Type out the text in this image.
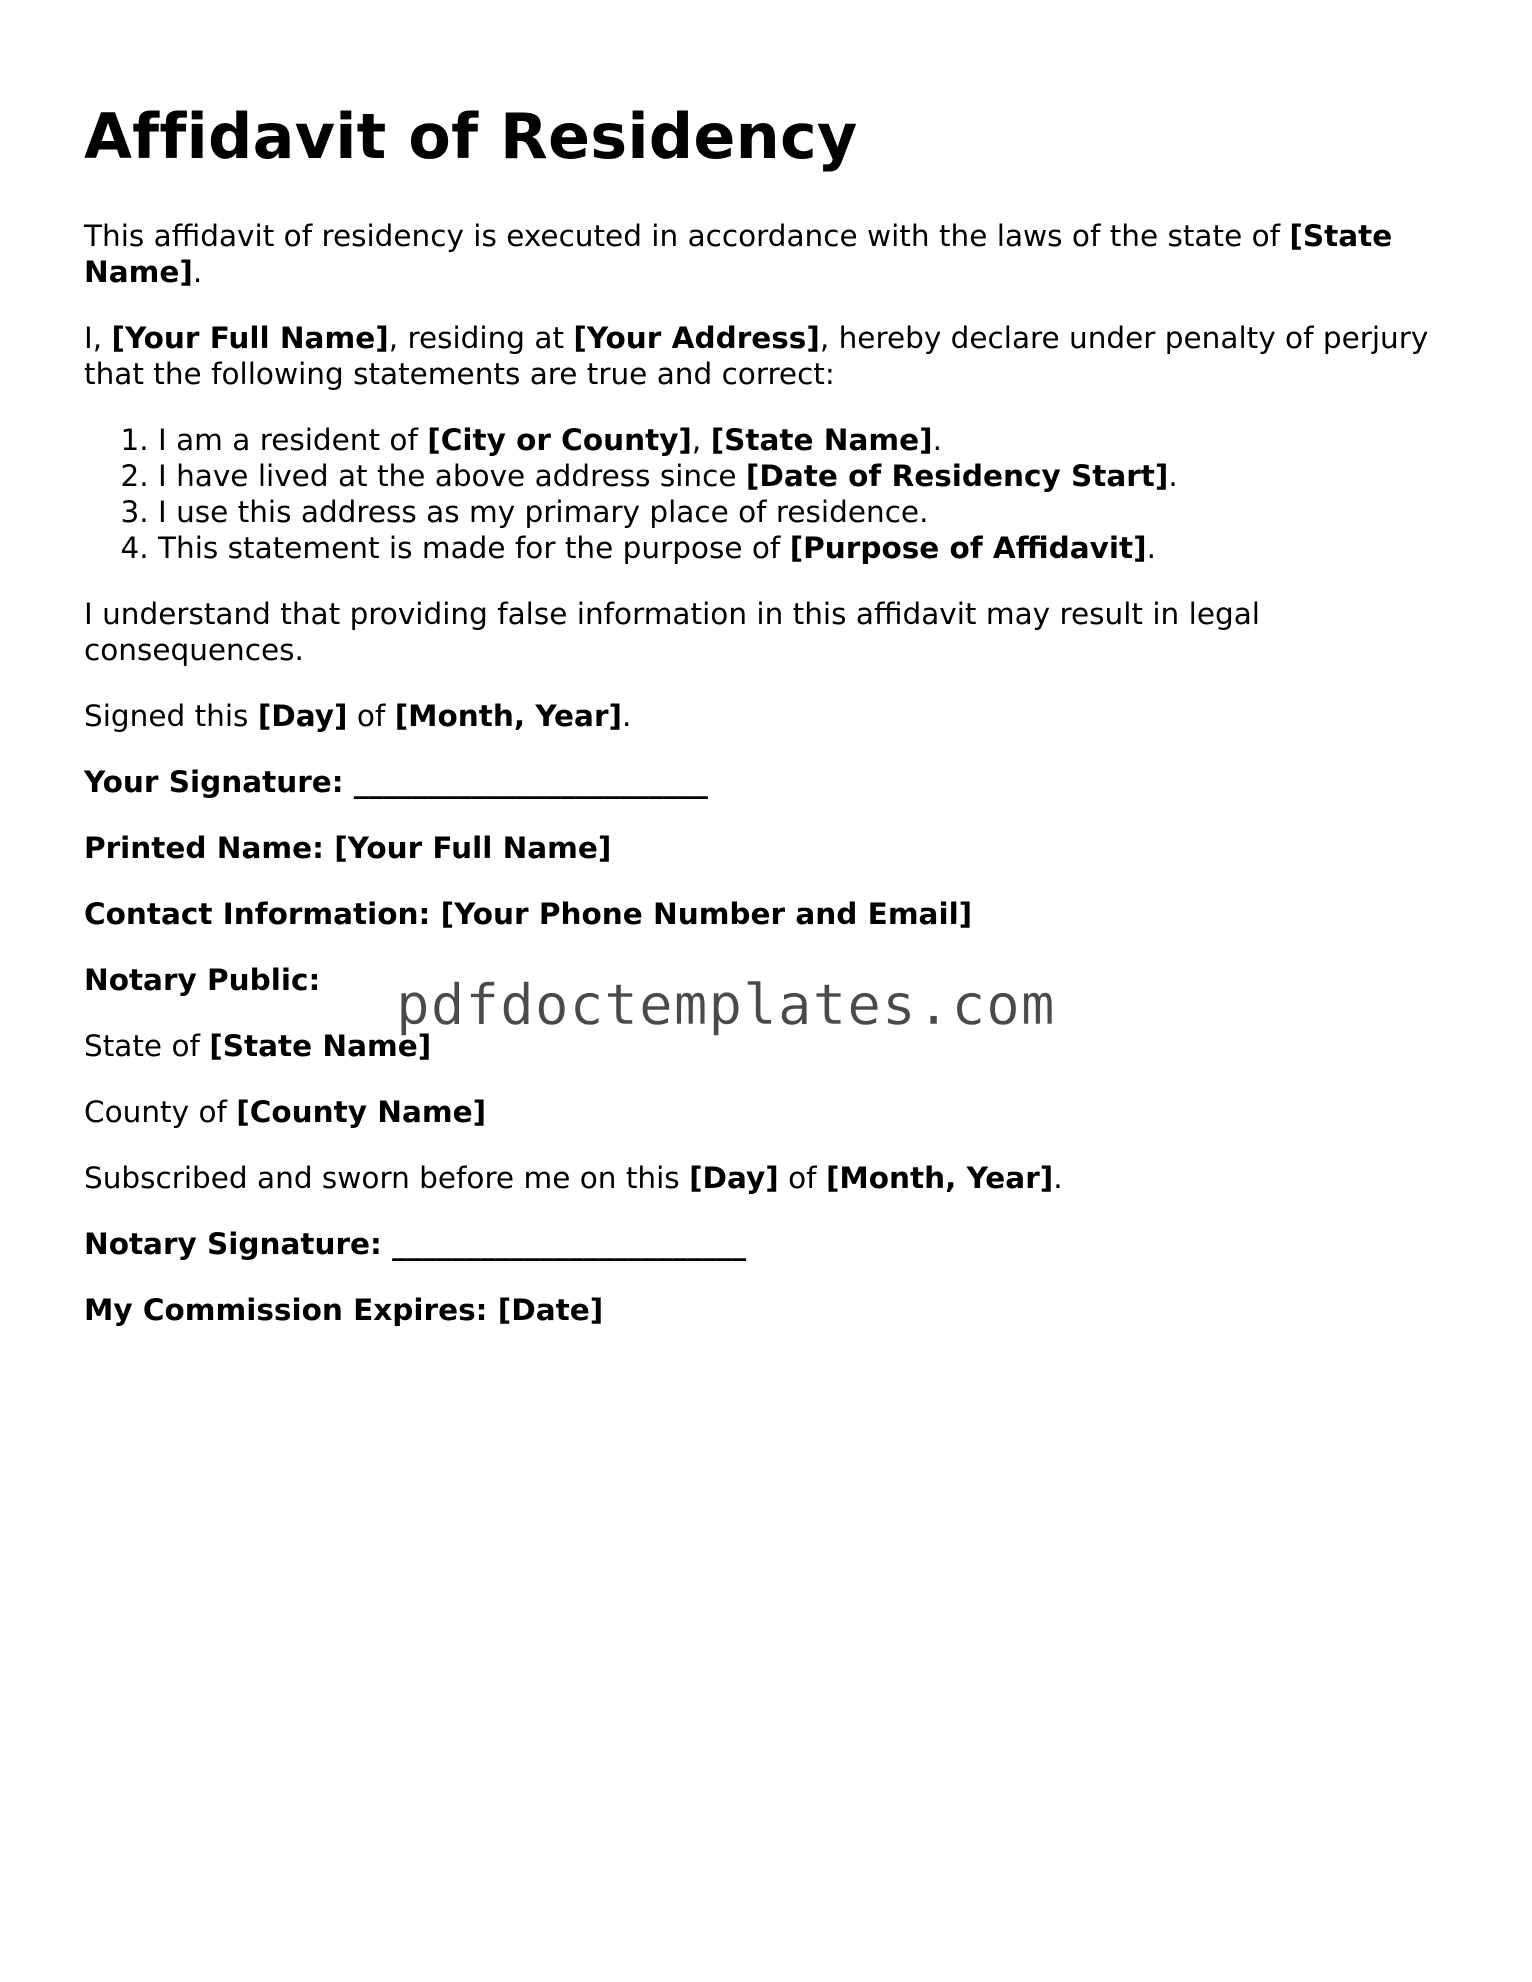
Affidavit of Residency

This affidavit of residency is executed in accordance with the laws of the state of [State Name].

I, [Your Full Name], residing at [Your Address], hereby declare under penalty of perjury that the following statements are true and correct:

1. I am a resident of [City or County], [State Name].
2. I have lived at the above address since [Date of Residency Start].
3. I use this address as my primary place of residence.
4. This statement is made for the purpose of [Purpose of Affidavit].

I understand that providing false information in this affidavit may result in legal consequences.

Signed this [Day] of [Month, Year].

Your Signature: ________________________

Printed Name: [Your Full Name]

Contact Information: [Your Phone Number and Email]

Notary Public:

State of [State Name]

County of [County Name]

Subscribed and sworn before me on this [Day] of [Month, Year].

Notary Signature: ________________________

My Commission Expires: [Date]

pdfdoctemplates.com
